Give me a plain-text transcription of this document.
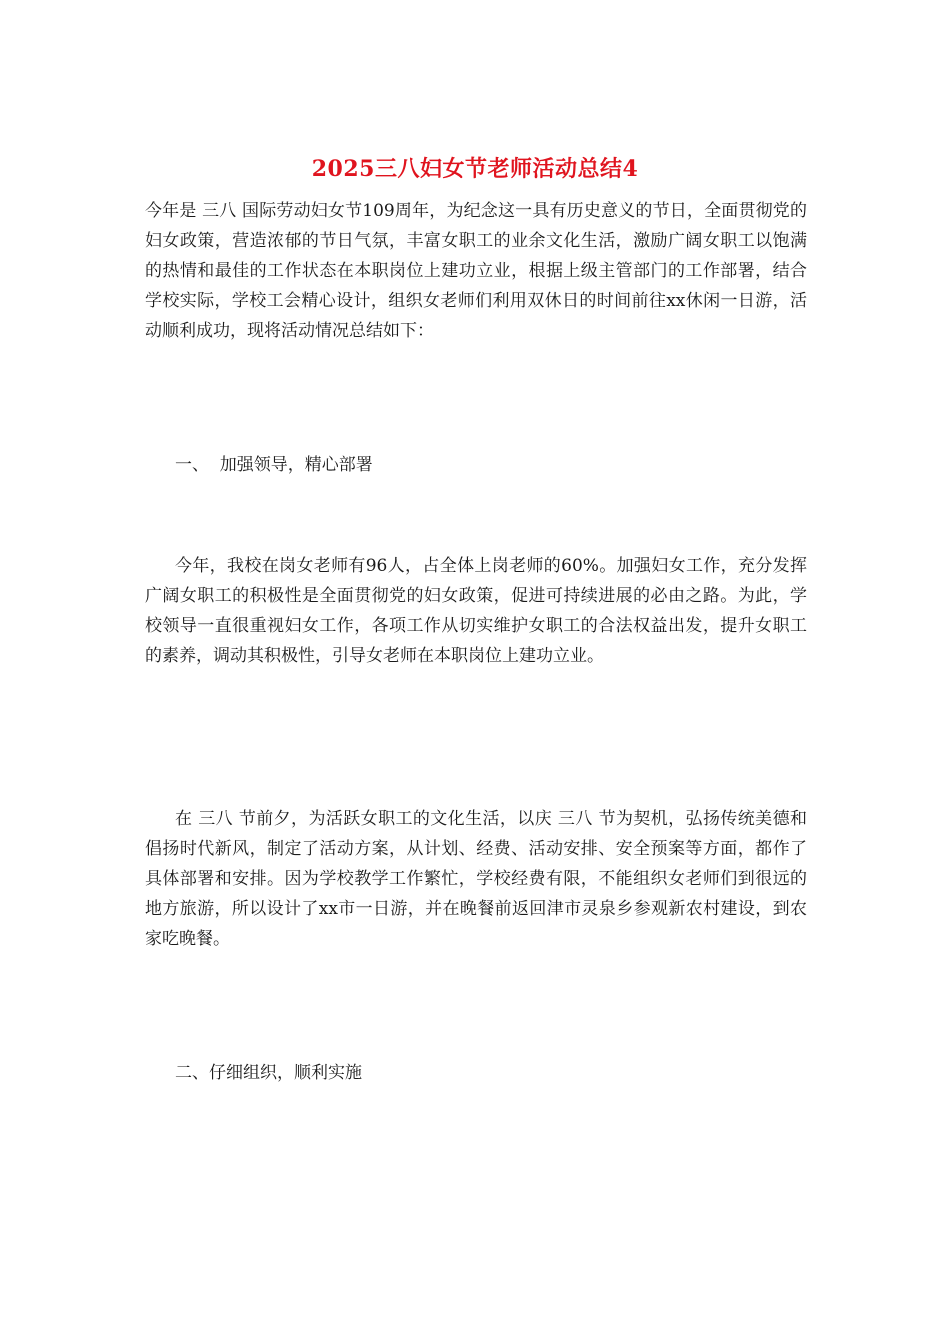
2025三八妇女节老师活动总结4

今年是 三八 国际劳动妇女节109周年，为纪念这一具有历史意义的节日，全面贯彻党的妇女政策，营造浓郁的节日气氛，丰富女职工的业余文化生活，激励广阔女职工以饱满的热情和最佳的工作状态在本职岗位上建功立业，根据上级主管部门的工作部署，结合学校实际，学校工会精心设计，组织女老师们利用双休日的时间前往xx休闲一日游，活动顺利成功，现将活动情况总结如下：

一、  加强领导，精心部署

今年，我校在岗女老师有96人，占全体上岗老师的60%。加强妇女工作，充分发挥广阔女职工的积极性是全面贯彻党的妇女政策，促进可持续进展的必由之路。为此，学校领导一直很重视妇女工作，各项工作从切实维护女职工的合法权益出发，提升女职工的素养，调动其积极性，引导女老师在本职岗位上建功立业。

在 三八 节前夕，为活跃女职工的文化生活，以庆 三八 节为契机，弘扬传统美德和倡扬时代新风，制定了活动方案，从计划、经费、活动安排、安全预案等方面，都作了具体部署和安排。因为学校教学工作繁忙，学校经费有限，不能组织女老师们到很远的地方旅游，所以设计了xx市一日游，并在晚餐前返回津市灵泉乡参观新农村建设，到农家吃晚餐。

二、仔细组织，顺利实施
